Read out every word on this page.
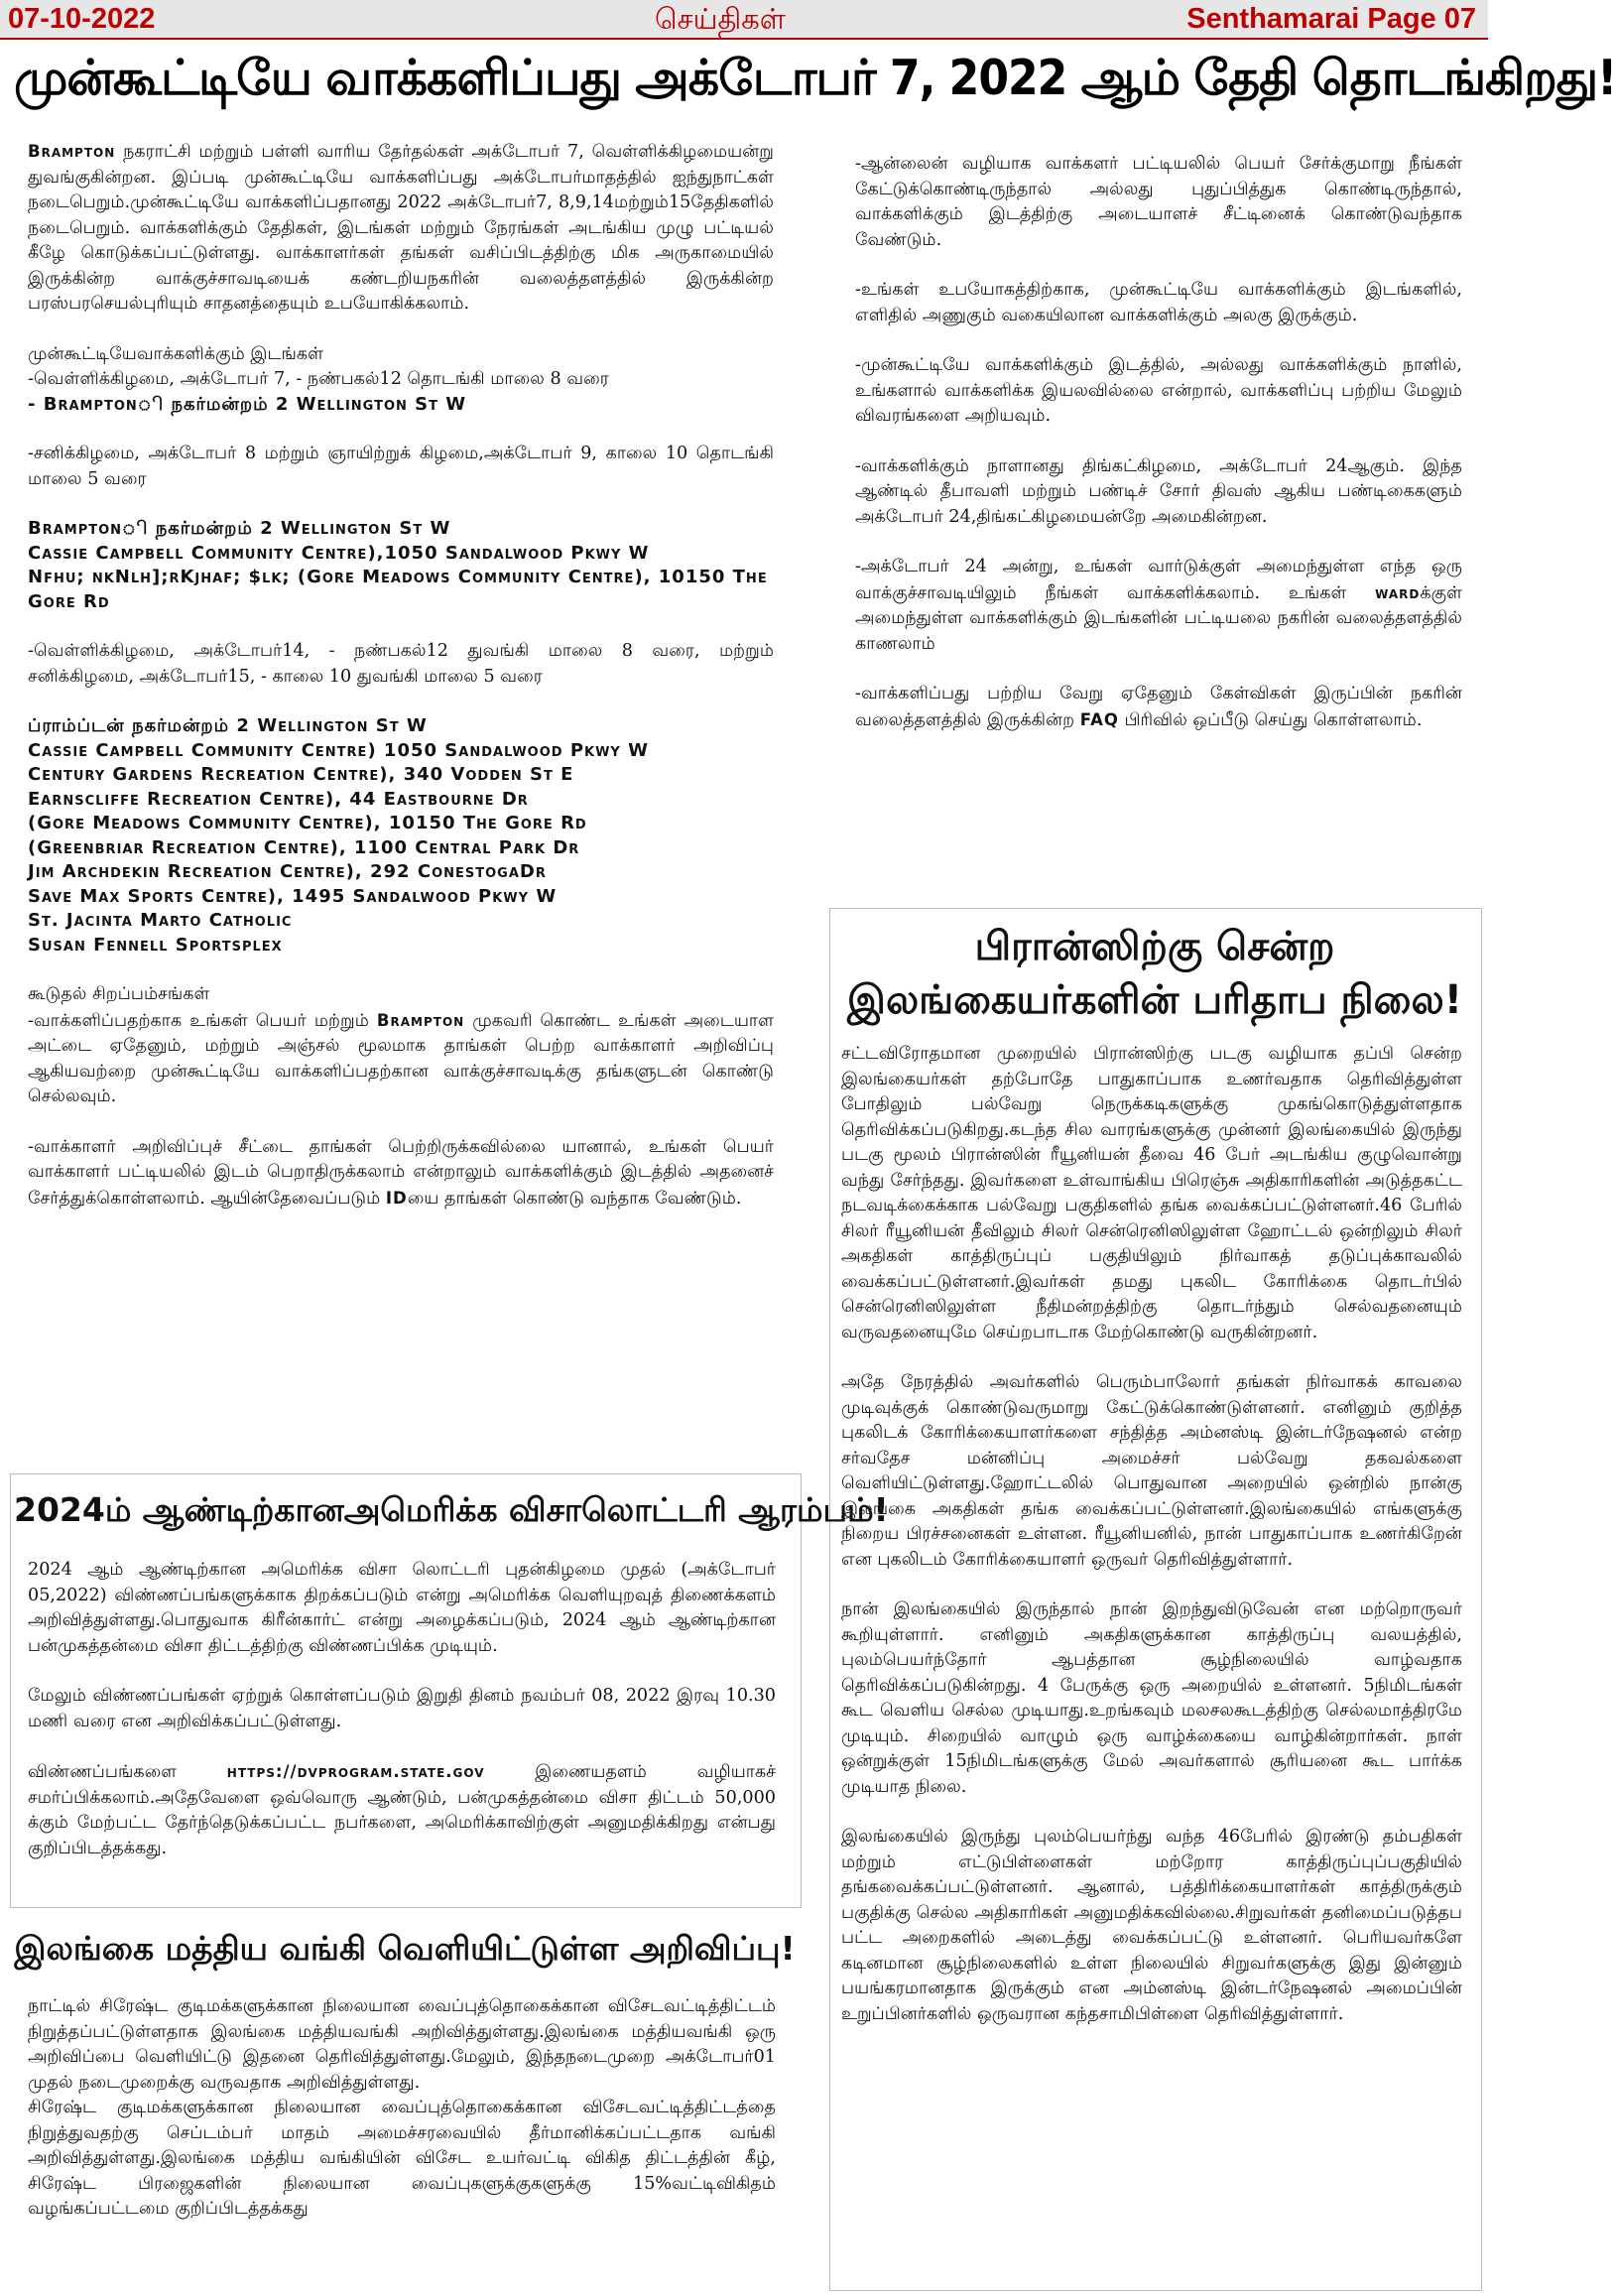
07-10-2022	செய்திகள்	Senthamarai Page 07
முன்கூட்டியே வாக்களிப்பது அக்டோபர் 7, 2022 ஆம் தேதி தொடங்கிறது!

Brampton நகராட்சி மற்றும் பள்ளி வாரிய தேர்தல்கள் அக்டோபர் 7, வெள்ளிக்கிழமையன்று துவங்குகின்றன. இப்படி முன்கூட்டியே வாக்களிப்பது அக்டோபர்மாதத்தில் ஐந்துநாட்கள் நடைபெறும்.முன்கூட்டியே வாக்களிப்பதானது 2022 அக்டோபர்7, 8,9,14மற்றும்15தேதிகளில் நடைபெறும். வாக்களிக்கும் தேதிகள், இடங்கள் மற்றும் நேரங்கள் அடங்கிய முழு பட்டியல் கீழே கொடுக்கப்பட்டுள்ளது. வாக்காளர்கள் தங்கள் வசிப்பிடத்திற்கு மிக அருகாமையில் இருக்கின்ற வாக்குச்சாவடியைக் கண்டறியநகரின் வலைத்தளத்தில் இருக்கின்ற பரஸ்பரசெயல்புரியும் சாதனத்தையும் உபயோகிக்கலாம்.

முன்கூட்டியேவாக்களிக்கும் இடங்கள்

-வெள்ளிக்கிழமை, அக்டோபர் 7, - நண்பகல்12 தொடங்கி மாலை 8 வரை

- Bramptonி நகர்மன்றம் 2 Wellington St W

-சனிக்கிழமை, அக்டோபர் 8 மற்றும் ஞாயிற்றுக் கிழமை,அக்டோபர் 9, காலை 10 தொடங்கி மாலை 5 வரை

Bramptonி நகர்மன்றம் 2 Wellington St W
Cassie Campbell Community Centre),1050 Sandalwood Pkwy W
Nfhu; nkNlh];rKjhaf; $lk; (Gore Meadows Community Centre), 10150 The Gore Rd

-வெள்ளிக்கிழமை, அக்டோபர்14, - நண்பகல்12 துவங்கி மாலை 8 வரை, மற்றும் சனிக்கிழமை, அக்டோபர்15, - காலை 10 துவங்கி மாலை 5 வரை

ப்ராம்ப்டன் நகர்மன்றம் 2 Wellington St W
Cassie Campbell Community Centre) 1050 Sandalwood Pkwy W
Century Gardens Recreation Centre), 340 Vodden St E
Earnscliffe Recreation Centre), 44 Eastbourne Dr
(Gore Meadows Community Centre), 10150 The Gore Rd
(Greenbriar Recreation Centre), 1100 Central Park Dr
Jim Archdekin Recreation Centre), 292 ConestogaDr
Save Max Sports Centre), 1495 Sandalwood Pkwy W
St. Jacinta Marto Catholic
Susan Fennell Sportsplex

கூடுதல் சிறப்பம்சங்கள்

-வாக்களிப்பதற்காக உங்கள் பெயர் மற்றும் Brampton முகவரி கொண்ட உங்கள் அடையாள அட்டை ஏதேனும், மற்றும் அஞ்சல் மூலமாக தாங்கள் பெற்ற வாக்காளர் அறிவிப்பு ஆகியவற்றை முன்கூட்டியே வாக்களிப்பதற்கான வாக்குச்சாவடிக்கு தங்களுடன் கொண்டு செல்லவும்.

-வாக்காளர் அறிவிப்புச் சீட்டை தாங்கள் பெற்றிருக்கவில்லை யானால், உங்கள் பெயர் வாக்காளர் பட்டியலில் இடம் பெறாதிருக்கலாம் என்றாலும் வாக்களிக்கும் இடத்தில் அதனைச் சேர்த்துக்கொள்ளலாம். ஆயின்தேவைப்படும் IDயை தாங்கள் கொண்டு வந்தாக வேண்டும்.

-ஆன்லைன் வழியாக வாக்களர் பட்டியலில் பெயர் சேர்க்குமாறு நீங்கள் கேட்டுக்கொண்டிருந்தால் அல்லது புதுப்பித்துக கொண்டிருந்தால், வாக்களிக்கும் இடத்திற்கு அடையாளச் சீட்டினைக் கொண்டுவந்தாக வேண்டும்.

-உங்கள் உபயோகத்திற்காக, முன்கூட்டியே வாக்களிக்கும் இடங்களில், எளிதில் அணுகும் வகையிலான வாக்களிக்கும் அலகு இருக்கும்.

-முன்கூட்டியே வாக்களிக்கும் இடத்தில், அல்லது வாக்களிக்கும் நாளில், உங்களால் வாக்களிக்க இயலவில்லை என்றால், வாக்களிப்பு பற்றிய மேலும் விவரங்களை அறியவும்.

-வாக்களிக்கும் நாளானது திங்கட்கிழமை, அக்டோபர் 24ஆகும். இந்த ஆண்டில் தீபாவளி மற்றும் பண்டிச் சோர் திவஸ் ஆகிய பண்டிகைகளும் அக்டோபர் 24,திங்கட்கிழமையன்றே அமைகின்றன.

-அக்டோபர் 24 அன்று, உங்கள் வார்டுக்குள் அமைந்துள்ள எந்த ஒரு வாக்குச்சாவடியிலும் நீங்கள் வாக்களிக்கலாம். உங்கள் wardக்குள் அமைந்துள்ள வாக்களிக்கும் இடங்களின் பட்டியலை நகரின் வலைத்தளத்தில் காணலாம்

-வாக்களிப்பது பற்றிய வேறு ஏதேனும் கேள்விகள் இருப்பின் நகரின் வலைத்தளத்தில் இருக்கின்ற FAQ பிரிவில் ஒப்பீடு செய்து கொள்ளலாம்.

பிரான்ஸிற்கு சென்ற
இலங்கையர்களின் பரிதாப நிலை!

சட்டவிரோதமான முறையில் பிரான்ஸிற்கு படகு வழியாக தப்பி சென்ற இலங்கையர்கள் தற்போதே பாதுகாப்பாக உணர்வதாக தெரிவித்துள்ள போதிலும் பல்வேறு நெருக்கடிகளுக்கு முகங்கொடுத்துள்ளதாக தெரிவிக்கப்படுகிறது.கடந்த சில வாரங்களுக்கு முன்னர் இலங்கையில் இருந்து படகு மூலம் பிரான்ஸின் ரீயூனியன் தீவை 46 பேர் அடங்கிய குழுவொன்று வந்து சேர்ந்தது. இவர்களை உள்வாங்கிய பிரெஞ்சு அதிகாரிகளின் அடுத்தகட்ட நடவடிக்கைக்காக பல்வேறு பகுதிகளில் தங்க வைக்கப்பட்டுள்ளனர்.46 பேரில் சிலர் ரீயூனியன் தீவிலும் சிலர் சென்ரெனிஸிலுள்ள ஹோட்டல் ஒன்றிலும் சிலர் அகதிகள் காத்திருப்புப் பகுதியிலும் நிர்வாகத் தடுப்புக்காவலில் வைக்கப்பட்டுள்ளனர்.இவர்கள் தமது புகலிட கோரிக்கை தொடர்பில் சென்ரெனிஸிலுள்ள நீதிமன்றத்திற்கு தொடர்ந்தும் செல்வதனையும் வருவதனையுமே செய்றபாடாக மேற்கொண்டு வருகின்றனர்.

அதே நேரத்தில் அவர்களில் பெரும்பாலோர் தங்கள் நிர்வாகக் காவலை முடிவுக்குக் கொண்டுவருமாறு கேட்டுக்கொண்டுள்ளனர். எனினும் குறித்த புகலிடக் கோரிக்கையாளர்களை சந்தித்த அம்னஸ்டி இன்டர்நேஷனல் என்ற சர்வதேச மன்னிப்பு அமைச்சர் பல்வேறு தகவல்களை வெளியிட்டுள்ளது.ஹோட்டலில் பொதுவான அறையில் ஒன்றில் நான்கு இலங்கை அகதிகள் தங்க வைக்கப்பட்டுள்ளனர்.இலங்கையில் எங்களுக்கு நிறைய பிரச்சனைகள் உள்ளன. ரீயூனியனில், நான் பாதுகாப்பாக உணர்கிறேன் என புகலிடம் கோரிக்கையாளர் ஒருவர் தெரிவித்துள்ளார்.

நான் இலங்கையில் இருந்தால் நான் இறந்துவிடுவேன் என மற்றொருவர் கூறியுள்ளார். எனினும் அகதிகளுக்கான காத்திருப்பு வலயத்தில், புலம்பெயர்ந்தோர் ஆபத்தான சூழ்நிலையில் வாழ்வதாக தெரிவிக்கப்படுகின்றது. 4 பேருக்கு ஒரு அறையில் உள்ளனர். 5நிமிடங்கள் கூட வெளிய செல்ல முடியாது.உறங்கவும் மலசலகூடத்திற்கு செல்லமாத்திரமே முடியும். சிறையில் வாழும் ஒரு வாழ்க்கையை வாழ்கின்றார்கள். நாள் ஒன்றுக்குள் 15நிமிடங்களுக்கு மேல் அவர்களால் சூரியனை கூட பார்க்க முடியாத நிலை.

இலங்கையில் இருந்து புலம்பெயர்ந்து வந்த 46பேரில் இரண்டு தம்பதிகள் மற்றும் எட்டுபிள்ளைகள் மற்றோர காத்திருப்புப்பகுதியில் தங்கவைக்கப்பட்டுள்ளனர். ஆனால், பத்திரிக்கையாளர்கள் காத்திருக்கும் பகுதிக்கு செல்ல அதிகாரிகள் அனுமதிக்கவில்லை.சிறுவர்கள் தனிமைப்படுத்தப பட்ட அறைகளில் அடைத்து வைக்கப்பட்டு உள்ளனர். பெரியவர்களே கடினமான சூழ்நிலைகளில் உள்ள நிலையில் சிறுவர்களுக்கு இது இன்னும் பயங்கரமானதாக இருக்கும் என அம்னஸ்டி இன்டர்நேஷனல் அமைப்பின் உறுப்பினர்களில் ஒருவரான கந்தசாமிபிள்ளை தெரிவித்துள்ளார்.

2024ம் ஆண்டிற்கானஅமெரிக்க விசாலொட்டரி ஆரம்பம்!

2024 ஆம் ஆண்டிற்கான அமெரிக்க விசா லொட்டரி புதன்கிழமை முதல் (அக்டோபர் 05,2022) விண்ணப்பங்களுக்காக திறக்கப்படும் என்று அமெரிக்க வெளியுறவுத் திணைக்களம் அறிவித்துள்ளது.பொதுவாக கிரீன்கார்ட் என்று அழைக்கப்படும், 2024 ஆம் ஆண்டிற்கான பன்முகத்தன்மை விசா திட்டத்திற்கு விண்ணப்பிக்க முடியும்.

மேலும் விண்ணப்பங்கள் ஏற்றுக் கொள்ளப்படும் இறுதி தினம் நவம்பர் 08, 2022 இரவு 10.30 மணி வரை என அறிவிக்கப்பட்டுள்ளது.

விண்ணப்பங்களை https://dvprogram.state.gov இணையதளம் வழியாகச் சமர்ப்பிக்கலாம்.அதேவேளை ஒவ்வொரு ஆண்டும், பன்முகத்தன்மை விசா திட்டம் 50,000 க்கும் மேற்பட்ட தேர்ந்தெடுக்கப்பட்ட நபர்களை, அமெரிக்காவிற்குள் அனுமதிக்கிறது என்பது குறிப்பிடத்தக்கது.

இலங்கை மத்திய வங்கி வெளியிட்டுள்ள அறிவிப்பு!

நாட்டில் சிரேஷ்ட குடிமக்களுக்கான நிலையான வைப்புத்தொகைக்கான விசேடவட்டித்திட்டம் நிறுத்தப்பட்டுள்ளதாக இலங்கை மத்தியவங்கி அறிவித்துள்ளது.இலங்கை மத்தியவங்கி ஒரு அறிவிப்பை வெளியிட்டு இதனை தெரிவித்துள்ளது.மேலும், இந்தநடைமுறை அக்டோபர்01 முதல் நடைமுறைக்கு வருவதாக அறிவித்துள்ளது.

சிரேஷ்ட குடிமக்களுக்கான நிலையான வைப்புத்தொகைக்கான விசேடவட்டித்திட்டத்தை நிறுத்துவதற்கு செப்டம்பர் மாதம் அமைச்சரவையில் தீர்மானிக்கப்பட்டதாக வங்கி அறிவித்துள்ளது.இலங்கை மத்திய வங்கியின் விசேட உயர்வட்டி விகித திட்டத்தின் கீழ், சிரேஷ்ட பிரஜைகளின் நிலையான வைப்புகளுக்குகளுக்கு 15%வட்டிவிகிதம் வழங்கப்பட்டமை குறிப்பிடத்தக்கது
